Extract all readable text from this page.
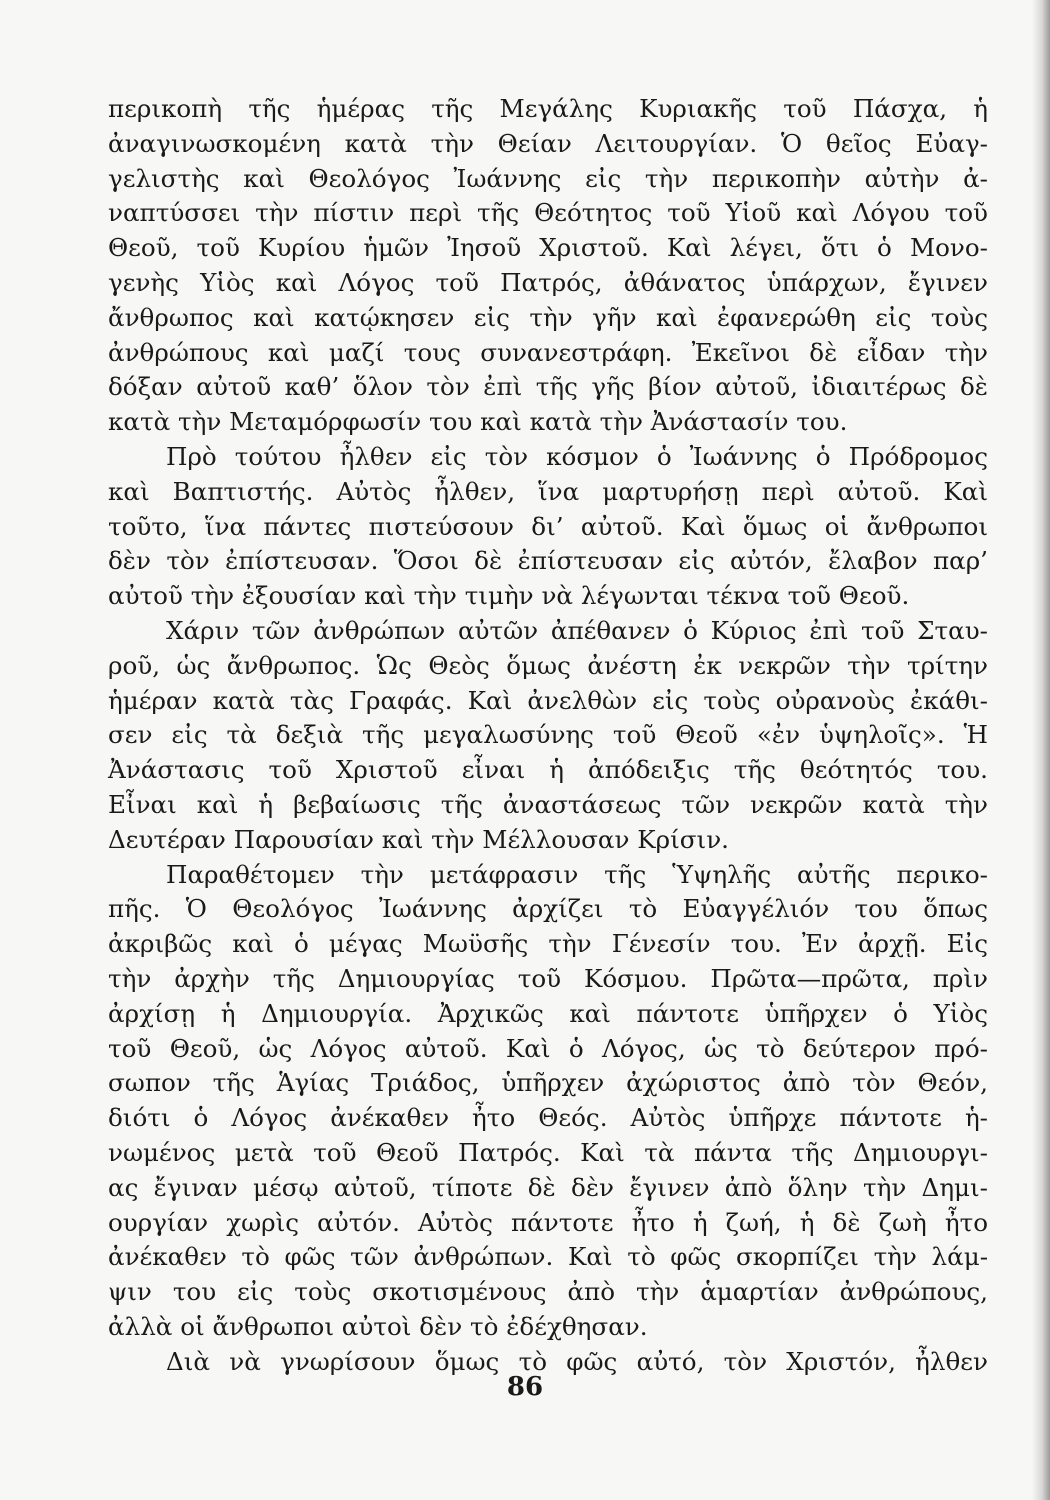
περικοπὴ τῆς ἡμέρας τῆς Μεγάλης Κυριακῆς τοῦ Πάσχα, ἡ
ἀναγινωσκομένη κατὰ τὴν Θείαν Λειτουργίαν. Ὁ θεῖος Εὐαγ-
γελιστὴς καὶ Θεολόγος Ἰωάννης εἰς τὴν περικοπὴν αὐτὴν ἀ-
ναπτύσσει τὴν πίστιν περὶ τῆς Θεότητος τοῦ Υἱοῦ καὶ Λόγου τοῦ
Θεοῦ, τοῦ Κυρίου ἡμῶν Ἰησοῦ Χριστοῦ. Καὶ λέγει, ὅτι ὁ Μονο-
γενὴς Υἱὸς καὶ Λόγος τοῦ Πατρός, ἀθάνατος ὑπάρχων, ἔγινεν
ἄνθρωπος καὶ κατῴκησεν εἰς τὴν γῆν καὶ ἐφανερώθη εἰς τοὺς
ἀνθρώπους καὶ μαζί τους συνανεστράφη. Ἐκεῖνοι δὲ εἶδαν τὴν
δόξαν αὐτοῦ καθ’ ὅλον τὸν ἐπὶ τῆς γῆς βίον αὐτοῦ, ἰδιαιτέρως δὲ
κατὰ τὴν Μεταμόρφωσίν του καὶ κατὰ τὴν Ἀνάστασίν του.
Πρὸ τούτου ἦλθεν εἰς τὸν κόσμον ὁ Ἰωάννης ὁ Πρόδρομος
καὶ Βαπτιστής. Αὐτὸς ἦλθεν, ἵνα μαρτυρήσῃ περὶ αὐτοῦ. Καὶ
τοῦτο, ἵνα πάντες πιστεύσουν δι’ αὐτοῦ. Καὶ ὅμως οἱ ἄνθρωποι
δὲν τὸν ἐπίστευσαν. Ὅσοι δὲ ἐπίστευσαν εἰς αὐτόν, ἔλαβον παρ’
αὐτοῦ τὴν ἐξουσίαν καὶ τὴν τιμὴν νὰ λέγωνται τέκνα τοῦ Θεοῦ.
Χάριν τῶν ἀνθρώπων αὐτῶν ἀπέθανεν ὁ Κύριος ἐπὶ τοῦ Σταυ-
ροῦ, ὡς ἄνθρωπος. Ὡς Θεὸς ὅμως ἀνέστη ἐκ νεκρῶν τὴν τρίτην
ἡμέραν κατὰ τὰς Γραφάς. Καὶ ἀνελθὼν εἰς τοὺς οὐρανοὺς ἐκάθι-
σεν εἰς τὰ δεξιὰ τῆς μεγαλωσύνης τοῦ Θεοῦ «ἐν ὑψηλοῖς». Ἡ
Ἀνάστασις τοῦ Χριστοῦ εἶναι ἡ ἀπόδειξις τῆς θεότητός του.
Εἶναι καὶ ἡ βεβαίωσις τῆς ἀναστάσεως τῶν νεκρῶν κατὰ τὴν
Δευτέραν Παρουσίαν καὶ τὴν Μέλλουσαν Κρίσιν.
Παραθέτομεν τὴν μετάφρασιν τῆς Ὑψηλῆς αὐτῆς περικο-
πῆς. Ὁ Θεολόγος Ἰωάννης ἀρχίζει τὸ Εὐαγγέλιόν του ὅπως
ἀκριβῶς καὶ ὁ μέγας Μωϋσῆς τὴν Γένεσίν του. Ἐν ἀρχῇ. Εἰς
τὴν ἀρχὴν τῆς Δημιουργίας τοῦ Κόσμου. Πρῶτα—πρῶτα, πρὶν
ἀρχίσῃ ἡ Δημιουργία. Ἀρχικῶς καὶ πάντοτε ὑπῆρχεν ὁ Υἱὸς
τοῦ Θεοῦ, ὡς Λόγος αὐτοῦ. Καὶ ὁ Λόγος, ὡς τὸ δεύτερον πρό-
σωπον τῆς Ἁγίας Τριάδος, ὑπῆρχεν ἀχώριστος ἀπὸ τὸν Θεόν,
διότι ὁ Λόγος ἀνέκαθεν ἦτο Θεός. Αὐτὸς ὑπῆρχε πάντοτε ἡ-
νωμένος μετὰ τοῦ Θεοῦ Πατρός. Καὶ τὰ πάντα τῆς Δημιουργι-
ας ἔγιναν μέσῳ αὐτοῦ, τίποτε δὲ δὲν ἔγινεν ἀπὸ ὅλην τὴν Δημι-
ουργίαν χωρὶς αὐτόν. Αὐτὸς πάντοτε ἦτο ἡ ζωή, ἡ δὲ ζωὴ ἦτο
ἀνέκαθεν τὸ φῶς τῶν ἀνθρώπων. Καὶ τὸ φῶς σκορπίζει τὴν λάμ-
ψιν του εἰς τοὺς σκοτισμένους ἀπὸ τὴν ἁμαρτίαν ἀνθρώπους,
ἀλλὰ οἱ ἄνθρωποι αὐτοὶ δὲν τὸ ἐδέχθησαν.
Διὰ νὰ γνωρίσουν ὅμως τὸ φῶς αὐτό, τὸν Χριστόν, ἦλθεν
86
